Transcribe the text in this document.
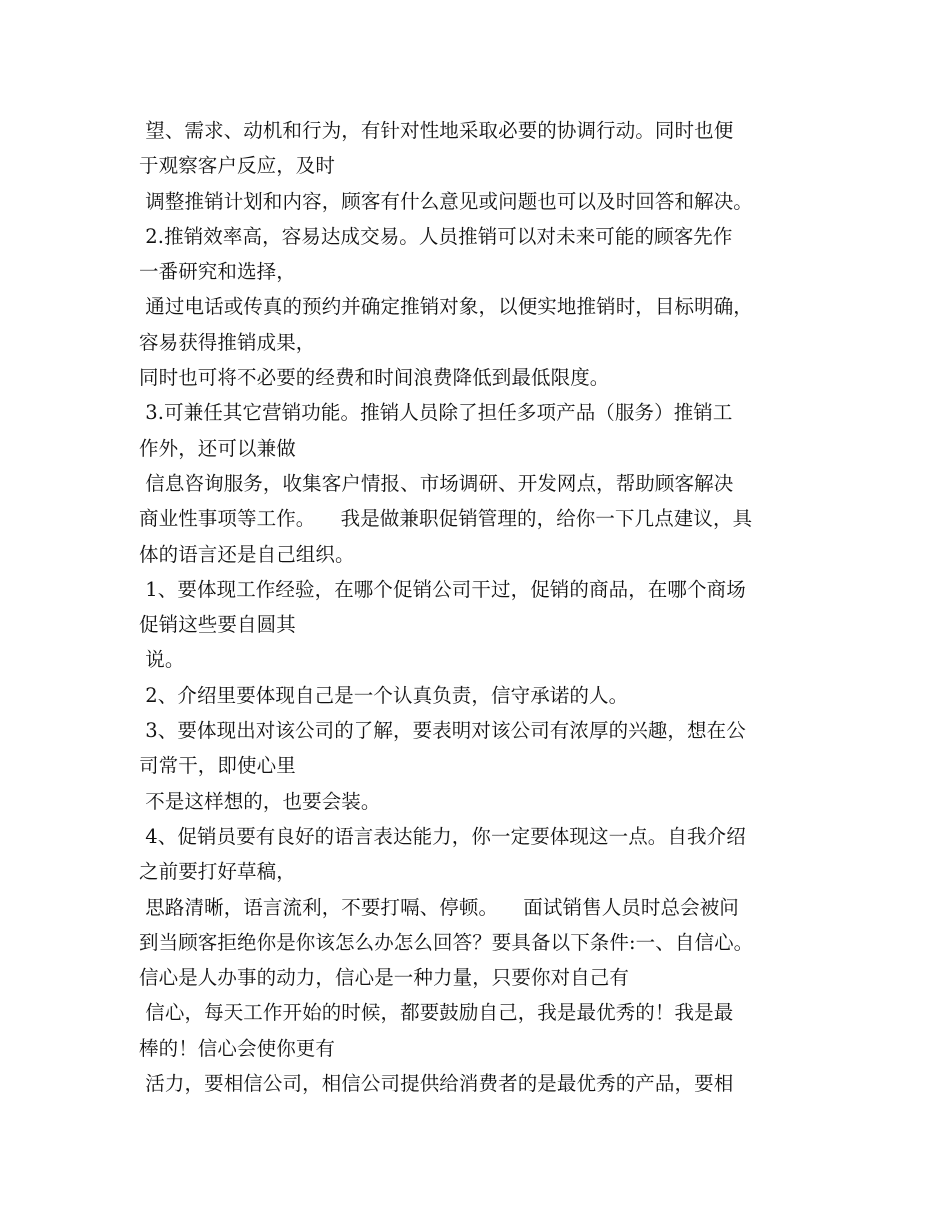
望、需求、动机和行为，有针对性地采取必要的协调行动。同时也便
于观察客户反应，及时
调整推销计划和内容，顾客有什么意见或问题也可以及时回答和解决。
2.推销效率高，容易达成交易。人员推销可以对未来可能的顾客先作
一番研究和选择，
通过电话或传真的预约并确定推销对象，以便实地推销时，目标明确，
容易获得推销成果，
同时也可将不必要的经费和时间浪费降低到最低限度。
3.可兼任其它营销功能。推销人员除了担任多项产品（服务）推销工
作外，还可以兼做
信息咨询服务，收集客户情报、市场调研、开发网点，帮助顾客解决
商业性事项等工作。    我是做兼职促销管理的，给你一下几点建议，具
体的语言还是自己组织。
1、要体现工作经验，在哪个促销公司干过，促销的商品，在哪个商场
促销这些要自圆其
说。
2、介绍里要体现自己是一个认真负责，信守承诺的人。
3、要体现出对该公司的了解，要表明对该公司有浓厚的兴趣，想在公
司常干，即使心里
不是这样想的，也要会装。
4、促销员要有良好的语言表达能力，你一定要体现这一点。自我介绍
之前要打好草稿，
思路清晰，语言流利，不要打嗝、停顿。    面试销售人员时总会被问
到当顾客拒绝你是你该怎么办怎么回答？要具备以下条件:一、自信心。
信心是人办事的动力，信心是一种力量，只要你对自己有
信心，每天工作开始的时候，都要鼓励自己，我是最优秀的！我是最
棒的！信心会使你更有
活力，要相信公司，相信公司提供给消费者的是最优秀的产品，要相
